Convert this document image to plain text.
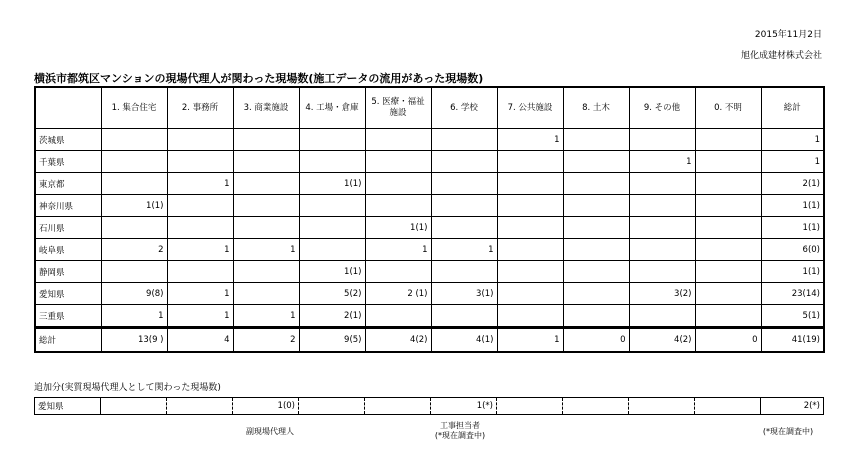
2015年11月2日
旭化成建材株式会社
横浜市都筑区マンションの現場代理人が関わった現場数(施工データの流用があった現場数)
	1. 集合住宅	2. 事務所	3. 商業施設	4. 工場・倉庫	5. 医療・福祉施設	6. 学校	7. 公共施設	8. 土木	9. その他	0. 不明	総計
茨城県							1				1
千葉県									1		1
東京都		1		1(1)							2(1)
神奈川県	1(1)										1(1)
石川県					1(1)						1(1)
岐阜県	2	1	1		1	1					6(0)
静岡県				1(1)							1(1)
愛知県	9(8)	1		5(2)	2 (1)	3(1)			3(2)		23(14)
三重県	1	1	1	2(1)							5(1)
総計	13(9 )	4	2	9(5)	4(2)	4(1)	1	0	4(2)	0	41(19)
追加分(実質現場代理人として関わった現場数)
愛知県			1(0)			1(*)					2(*)
副現場代理人
工事担当者
(*現在調査中)	(*現在調査中)
